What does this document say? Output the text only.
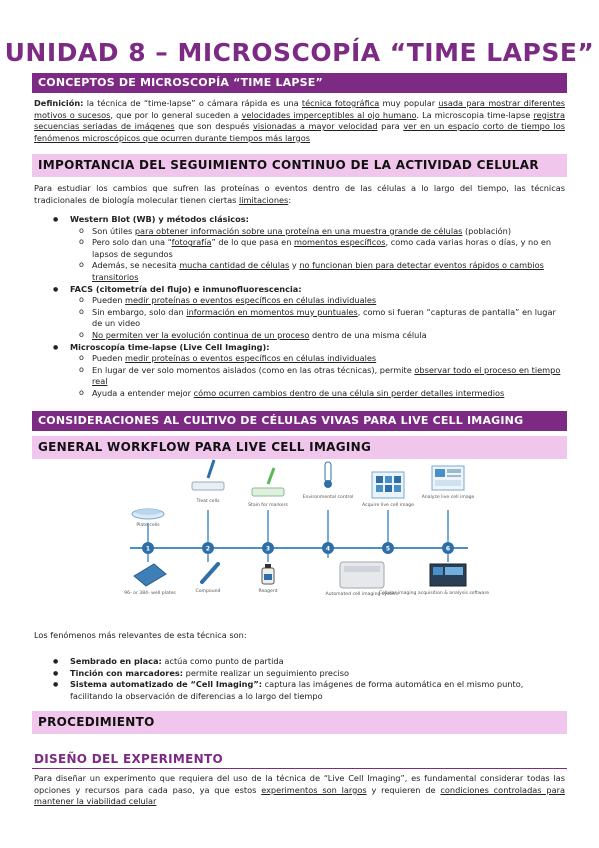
UNIDAD 8 – MICROSCOPÍA “TIME LAPSE”
CONCEPTOS DE MICROSCOPÍA “TIME LAPSE”
Definición: la técnica de “time-lapse” o cámara rápida es una técnica fotográfica muy popular usada para mostrar diferentes motivos o sucesos, que por lo general suceden a velocidades imperceptibles al ojo humano. La microscopia time-lapse registra secuencias seriadas de imágenes que son después visionadas a mayor velocidad para ver en un espacio corto de tiempo los fenómenos microscópicos que ocurren durante tiempos más largos
IMPORTANCIA DEL SEGUIMIENTO CONTINUO DE LA ACTIVIDAD CELULAR
Para estudiar los cambios que sufren las proteínas o eventos dentro de las células a lo largo del tiempo, las técnicas tradicionales de biología molecular tienen ciertas limitaciones:
● Western Blot (WB) y métodos clásicos:
o Son útiles para obtener información sobre una proteína en una muestra grande de células (población)
o Pero solo dan una “fotografía” de lo que pasa en momentos específicos, como cada varias horas o días, y no en lapsos de segundos
o Además, se necesita mucha cantidad de células y no funcionan bien para detectar eventos rápidos o cambios transitorios
● FACS (citometría del flujo) e inmunofluorescencia:
o Pueden medir proteínas o eventos específicos en células individuales
o Sin embargo, solo dan información en momentos muy puntuales, como si fueran “capturas de pantalla” en lugar de un video
o No permiten ver la evolución continua de un proceso dentro de una misma célula
● Microscopía time-lapse (Live Cell Imaging):
o Pueden medir proteínas o eventos específicos en células individuales
o En lugar de ver solo momentos aislados (como en las otras técnicas), permite observar todo el proceso en tiempo real
o Ayuda a entender mejor cómo ocurren cambios dentro de una célula sin perder detalles intermedios
CONSIDERACIONES AL CULTIVO DE CÉLULAS VIVAS PARA LIVE CELL IMAGING
GENERAL WORKFLOW PARA LIVE CELL IMAGING
1	2	3	4	5	6
Plate cells
Treat cells
Stain for markers
Environmental control
Acquire live cell image
Analyze live cell image
96- or 384- well plates	Compound	Reagent
Automated cell imaging system
Cellular imaging acquisition & analysis software
Los fenómenos más relevantes de esta técnica son:
● Sembrado en placa: actúa como punto de partida
● Tinción con marcadores: permite realizar un seguimiento preciso
● Sistema automatizado de “Cell Imaging”: captura las imágenes de forma automática en el mismo punto, facilitando la observación de diferencias a lo largo del tiempo
PROCEDIMIENTO
DISEÑO DEL EXPERIMENTO
Para diseñar un experimento que requiera del uso de la técnica de “Live Cell Imaging”, es fundamental considerar todas las opciones y recursos para cada paso, ya que estos experimentos son largos y requieren de condiciones controladas para mantener la viabilidad celular
